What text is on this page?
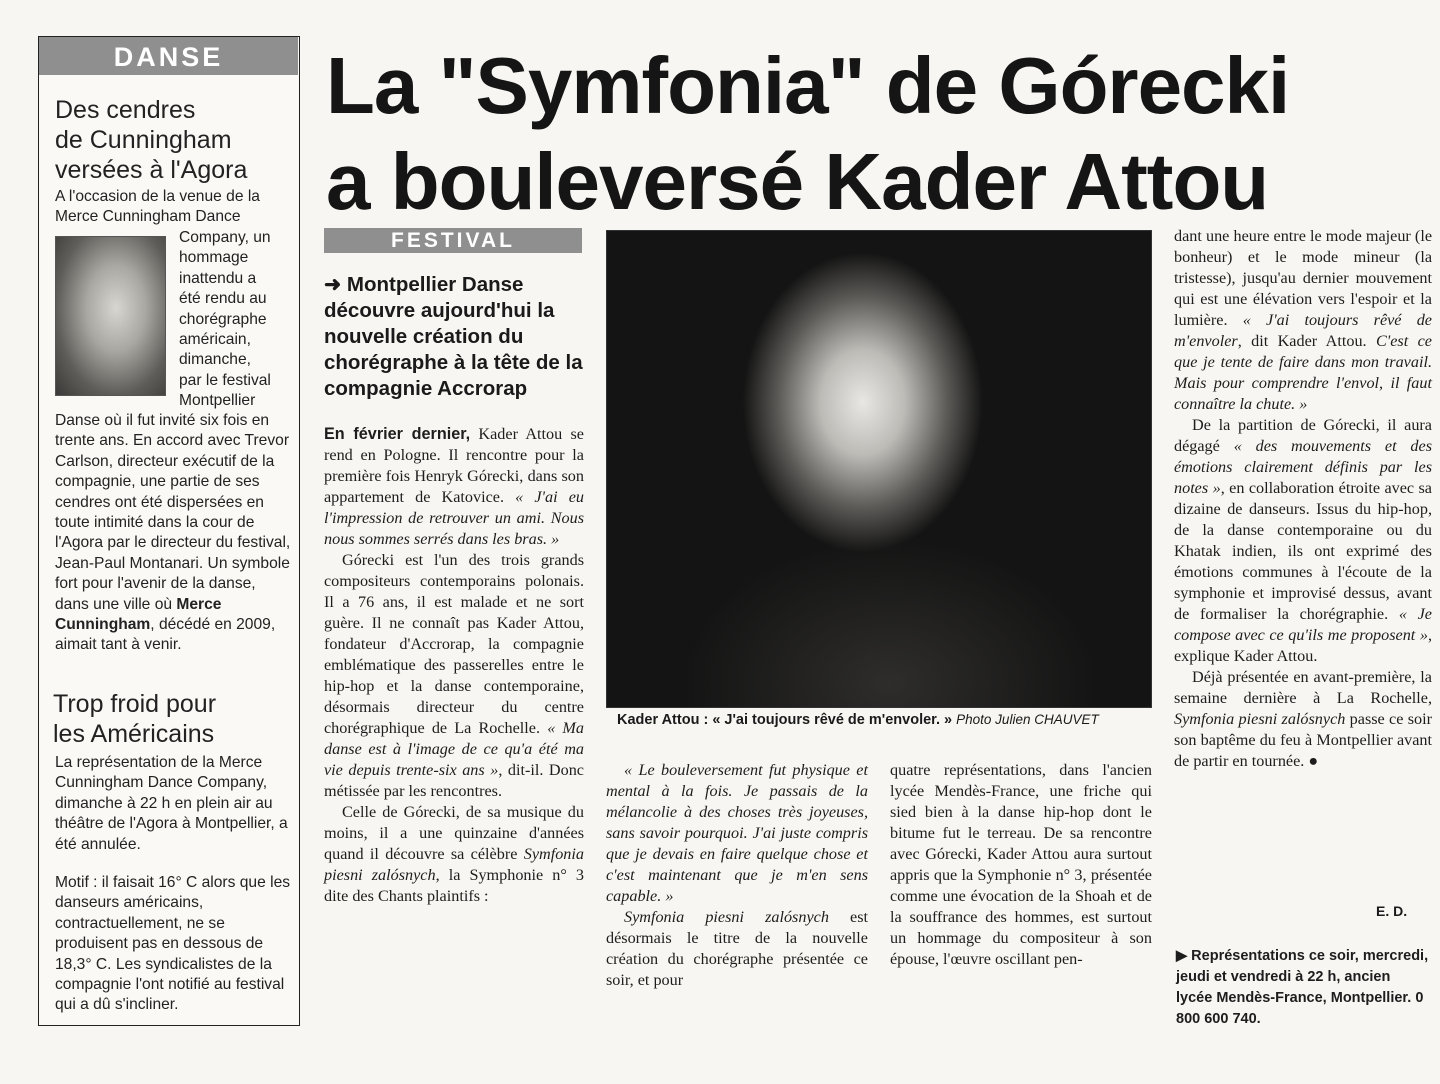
DANSE
Des cendres
de Cunningham
versées à l'Agora
A l'occasion de la venue de la
Merce Cunningham Dance
Company, un
hommage
inattendu a
été rendu au
chorégraphe
américain,
dimanche,
par le festival
Montpellier

Danse où il fut invité six fois en trente ans. En accord avec Trevor Carlson, directeur exécutif de la compagnie, une partie de ses cendres ont été dispersées en toute intimité dans la cour de l'Agora par le directeur du festival, Jean-Paul Montanari. Un symbole fort pour l'avenir de la danse, dans une ville où Merce Cunningham, décédé en 2009, aimait tant à venir.

Trop froid pour
les Américains

La représentation de la Merce Cunningham Dance Company, dimanche à 22 h en plein air au théâtre de l'Agora à Montpellier, a été annulée.

Motif : il faisait 16° C alors que les danseurs américains, contractuellement, ne se produisent pas en dessous de 18,3° C. Les syndicalistes de la compagnie l'ont notifié au festival qui a dû s'incliner.

La "Symfonia" de Górecki
a bouleversé Kader Attou
FESTIVAL
➜ Montpellier Danse découvre aujourd'hui la nouvelle création du chorégraphe à la tête de la compagnie Accrorap

En février dernier, Kader Attou se rend en Pologne. Il rencontre pour la première fois Henryk Górecki, dans son appartement de Katovice. « J'ai eu l'impression de retrouver un ami. Nous nous sommes serrés dans les bras. »

Górecki est l'un des trois grands compositeurs contemporains polonais. Il a 76 ans, il est malade et ne sort guère. Il ne connaît pas Kader Attou, fondateur d'Accrorap, la compagnie emblématique des passerelles entre le hip-hop et la danse contemporaine, désormais directeur du centre chorégraphique de La Rochelle. « Ma danse est à l'image de ce qu'a été ma vie depuis trente-six ans », dit-il. Donc métissée par les rencontres.

Celle de Górecki, de sa musique du moins, il a une quinzaine d'années quand il découvre sa célèbre Symfonia piesni zalósnych, la Symphonie n° 3 dite des Chants plaintifs :

Kader Attou : « J'ai toujours rêvé de m'envoler. » Photo Julien CHAUVET

« Le bouleversement fut physique et mental à la fois. Je passais de la mélancolie à des choses très joyeuses, sans savoir pourquoi. J'ai juste compris que je devais en faire quelque chose et c'est maintenant que je m'en sens capable. »

Symfonia piesni zalósnych est désormais le titre de la nouvelle création du chorégraphe présentée ce soir, et pour

quatre représentations, dans l'ancien lycée Mendès-France, une friche qui sied bien à la danse hip-hop dont le bitume fut le terreau. De sa rencontre avec Górecki, Kader Attou aura surtout appris que la Symphonie n° 3, présentée comme une évocation de la Shoah et de la souffrance des hommes, est surtout un hommage du compositeur à son épouse, l'œuvre oscillant pen-

dant une heure entre le mode majeur (le bonheur) et le mode mineur (la tristesse), jusqu'au dernier mouvement qui est une élévation vers l'espoir et la lumière. « J'ai toujours rêvé de m'envoler, dit Kader Attou. C'est ce que je tente de faire dans mon travail. Mais pour comprendre l'envol, il faut connaître la chute. »

De la partition de Górecki, il aura dégagé « des mouvements et des émotions clairement définis par les notes », en collaboration étroite avec sa dizaine de danseurs. Issus du hip-hop, de la danse contemporaine ou du Khatak indien, ils ont exprimé des émotions communes à l'écoute de la symphonie et improvisé dessus, avant de formaliser la chorégraphie. « Je compose avec ce qu'ils me proposent », explique Kader Attou.

Déjà présentée en avant-première, la semaine dernière à La Rochelle, Symfonia piesni zalósnych passe ce soir son baptême du feu à Montpellier avant de partir en tournée. ●

E. D.
▶ Représentations ce soir, mercredi, jeudi et vendredi à 22 h, ancien lycée Mendès-France, Montpellier. 0 800 600 740.
